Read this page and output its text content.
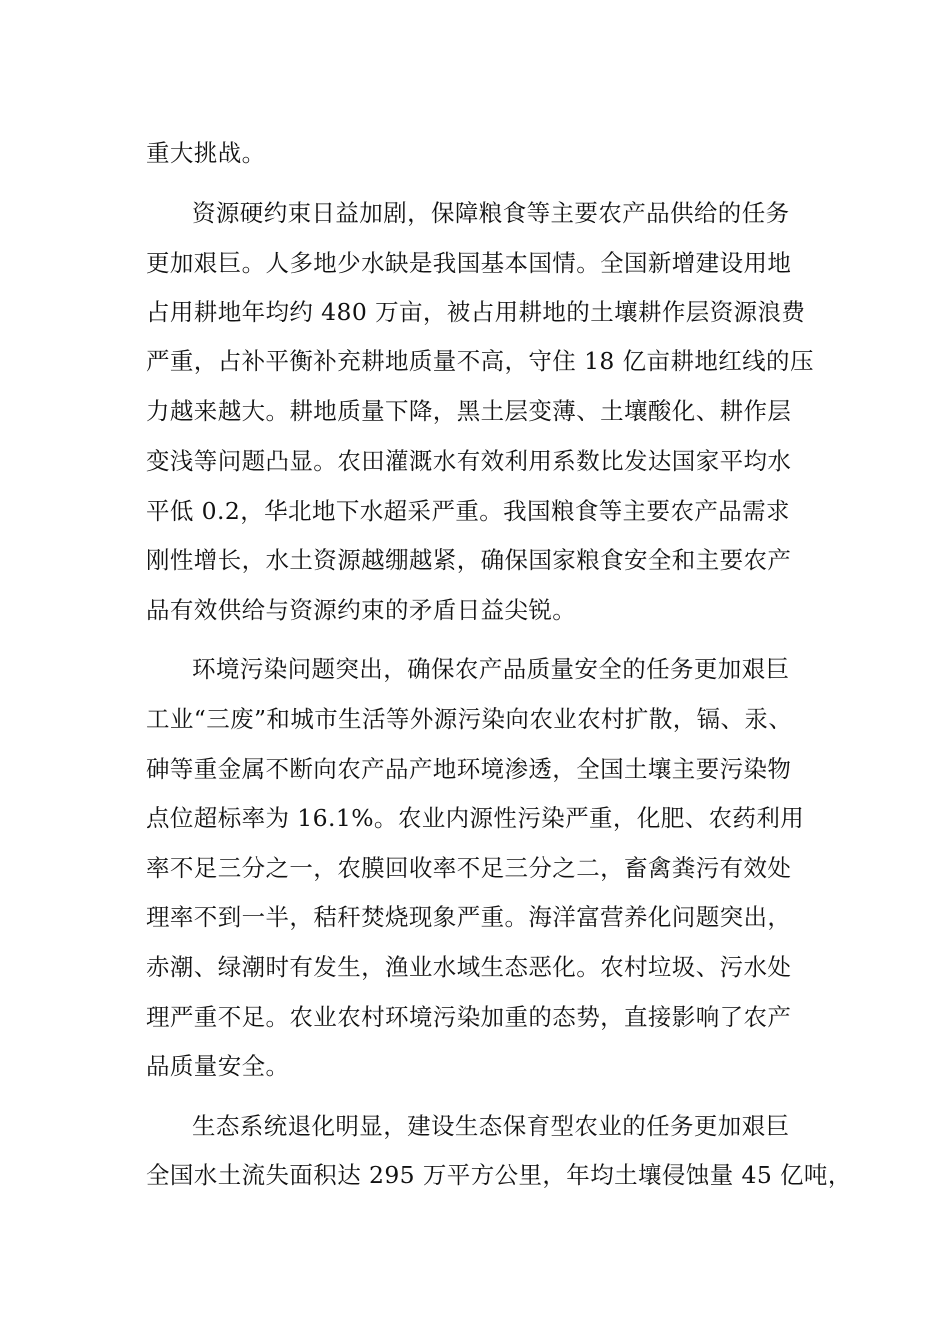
重大挑战。

资源硬约束日益加剧，保障粮食等主要农产品供给的任务

更加艰巨。人多地少水缺是我国基本国情。全国新增建设用地

占用耕地年均约 480 万亩，被占用耕地的土壤耕作层资源浪费

严重，占补平衡补充耕地质量不高，守住 18 亿亩耕地红线的压

力越来越大。耕地质量下降，黑土层变薄、土壤酸化、耕作层

变浅等问题凸显。农田灌溉水有效利用系数比发达国家平均水

平低 0.2，华北地下水超采严重。我国粮食等主要农产品需求

刚性增长，水土资源越绷越紧，确保国家粮食安全和主要农产

品有效供给与资源约束的矛盾日益尖锐。

环境污染问题突出，确保农产品质量安全的任务更加艰巨

工业“三废”和城市生活等外源污染向农业农村扩散，镉、汞、

砷等重金属不断向农产品产地环境渗透，全国土壤主要污染物

点位超标率为 16.1%。农业内源性污染严重，化肥、农药利用

率不足三分之一，农膜回收率不足三分之二，畜禽粪污有效处

理率不到一半，秸秆焚烧现象严重。海洋富营养化问题突出，

赤潮、绿潮时有发生，渔业水域生态恶化。农村垃圾、污水处

理严重不足。农业农村环境污染加重的态势，直接影响了农产

品质量安全。

生态系统退化明显，建设生态保育型农业的任务更加艰巨

全国水土流失面积达 295 万平方公里，年均土壤侵蚀量 45 亿吨，
